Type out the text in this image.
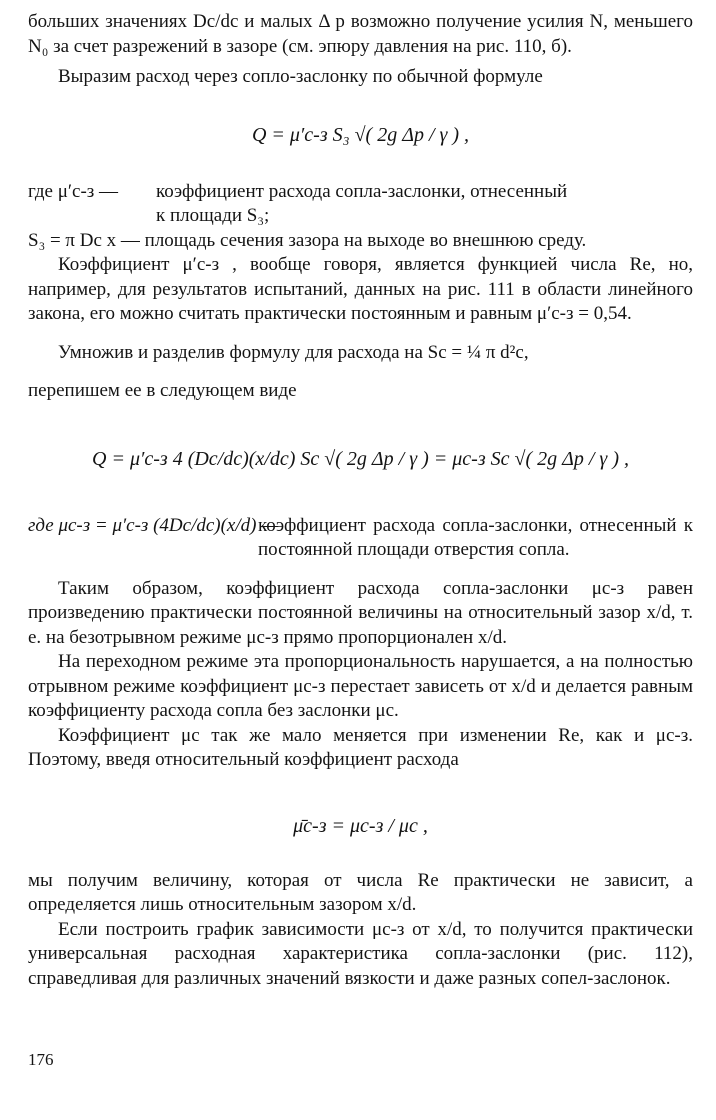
больших значениях Dс/dс и малых Δ p возможно получение усилия N, меньшего N₀ за счет разрежений в зазоре (см. эпюру давления на рис. 110, б).

Выразим расход через сопло-заслонку по обычной формуле

Q = μ′с-з S₃ √( 2g Δp / γ ) ,

где μ′с-з —	коэффициент расхода сопла-заслонки, отнесенный

к площади S₃;

S₃ = π Dс x — площадь сечения зазора на выходе во внешнюю среду.

Коэффициент μ′с-з , вообще говоря, является функцией числа Re, но, например, для результатов испытаний, данных на рис. 111 в области линейного закона, его можно считать практически постоянным и равным μ′с-з = 0,54.

Умножив и разделив формулу для расхода на Sс = ¼ π d²с,

перепишем ее в следующем виде

Q = μ′с-з 4 (Dс/dс)(x/dс) Sс √( 2g Δp / γ ) = μс-з Sс √( 2g Δp / γ ) ,

где μс-з = μ′с-з (4Dс/dс)(x/d) —
коэффициент расхода сопла-заслонки, отнесенный к постоянной площади отверстия сопла.

Таким образом, коэффициент расхода сопла-заслонки μс-з равен произведению практически постоянной величины на относительный зазор x/d, т. е. на безотрывном режиме μс-з прямо пропорционален x/d.

На переходном режиме эта пропорциональность нарушается, а на полностью отрывном режиме коэффициент μс-з перестает зависеть от x/d и делается равным коэффициенту расхода сопла без заслонки μс.

Коэффициент μс так же мало меняется при изменении Re, как и μс-з. Поэтому, введя относительный коэффициент расхода

μ̄с-з = μс-з / μс ,

мы получим величину, которая от числа Re практически не зависит, а определяется лишь относительным зазором x/d.

Если построить график зависимости μс-з от x/d, то получится практически универсальная расходная характеристика сопла-заслонки (рис. 112), справедливая для различных значений вязкости и даже разных сопел-заслонок.

176
